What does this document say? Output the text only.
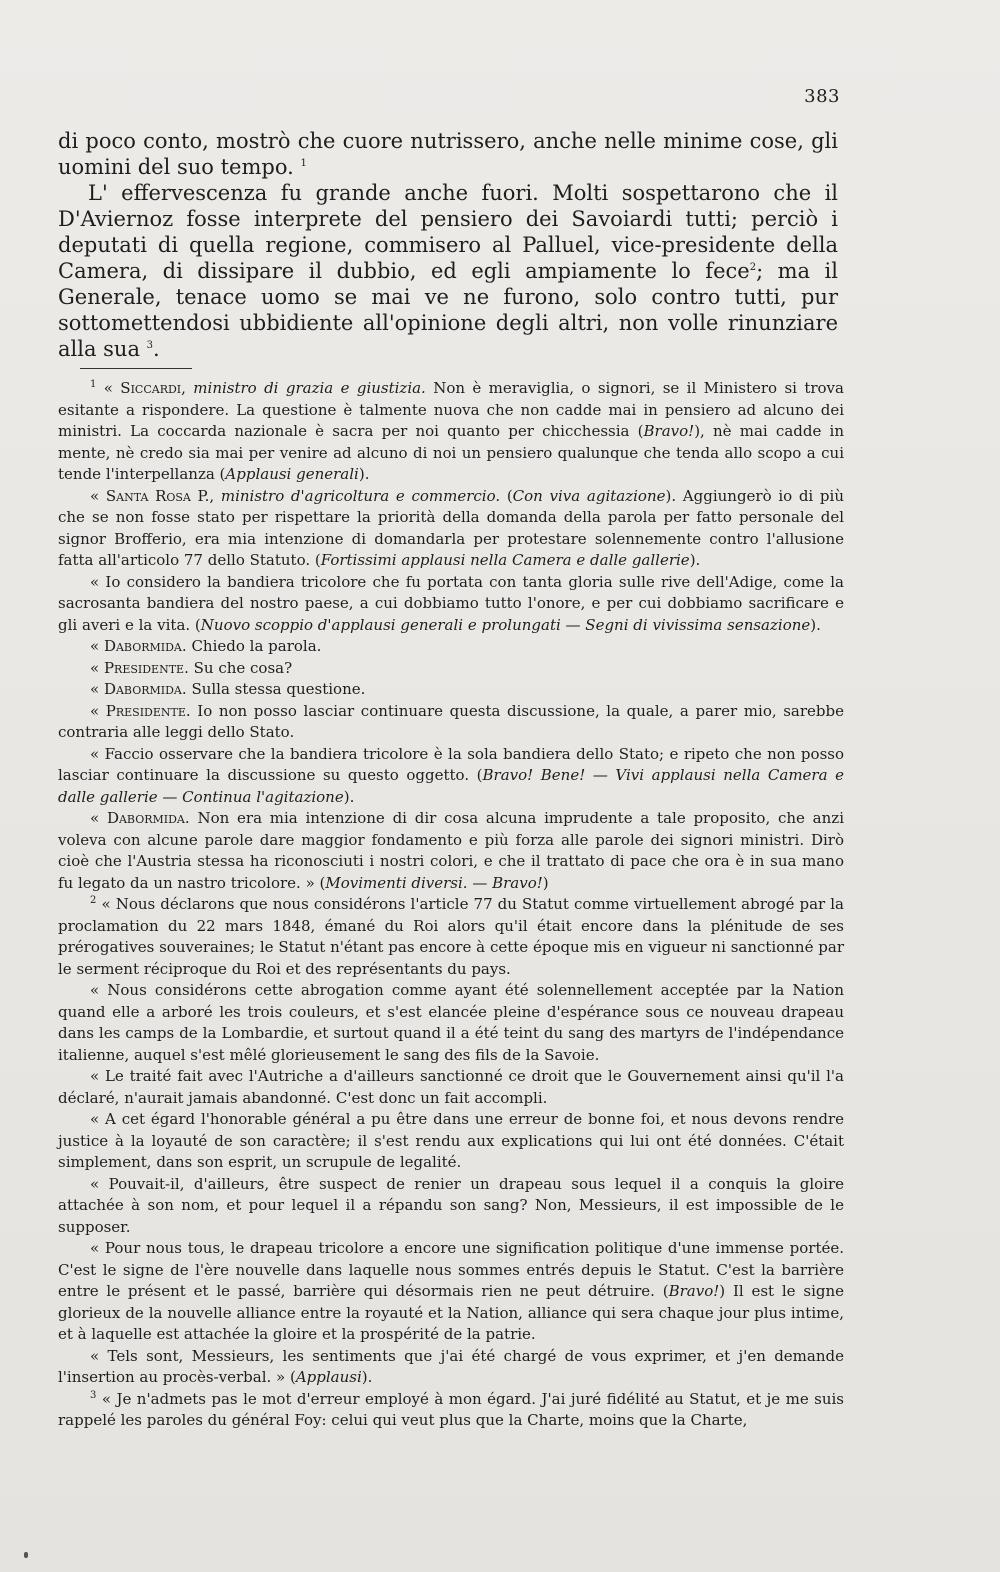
383

di poco conto, mostrò che cuore nutrissero, anche nelle minime cose, gli uomini del suo tempo. $^1$

L' effervescenza fu grande anche fuori. Molti sospettarono che il D'Aviernoz fosse interprete del pensiero dei Savoiardi tutti; perciò i deputati di quella regione, commisero al Palluel, vice-presidente della Camera, di dissipare il dubbio, ed egli ampiamente lo fece$^2$; ma il Generale, tenace uomo se mai ve ne furono, solo contro tutti, pur sottomettendosi ubbidiente all'opinione degli altri, non volle rinunziare alla sua $^3$.

$^1$ « Siccardi, ministro di grazia e giustizia. Non è meraviglia, o signori, se il Ministero si trova esitante a rispondere. La questione è talmente nuova che non cadde mai in pensiero ad alcuno dei ministri. La coccarda nazionale è sacra per noi quanto per chicchessia (Bravo!), nè mai cadde in mente, nè credo sia mai per venire ad alcuno di noi un pensiero qualunque che tenda allo scopo a cui tende l'interpellanza (Applausi generali).

« Santa Rosa P., ministro d'agricoltura e commercio. (Con viva agitazione). Aggiungerò io di più che se non fosse stato per rispettare la priorità della domanda della parola per fatto personale del signor Brofferio, era mia intenzione di domandarla per protestare solennemente contro l'allusione fatta all'articolo 77 dello Statuto. (Fortissimi applausi nella Camera e dalle gallerie).

« Io considero la bandiera tricolore che fu portata con tanta gloria sulle rive dell'Adige, come la sacrosanta bandiera del nostro paese, a cui dobbiamo tutto l'onore, e per cui dobbiamo sacrificare e gli averi e la vita. (Nuovo scoppio d'applausi generali e prolungati — Segni di vivissima sensazione).

« Dabormida. Chiedo la parola.

« Presidente. Su che cosa?

« Dabormida. Sulla stessa questione.

« Presidente. Io non posso lasciar continuare questa discussione, la quale, a parer mio, sarebbe contraria alle leggi dello Stato.

« Faccio osservare che la bandiera tricolore è la sola bandiera dello Stato; e ripeto che non posso lasciar continuare la discussione su questo oggetto. (Bravo! Bene! — Vivi applausi nella Camera e dalle gallerie — Continua l'agitazione).

« Dabormida. Non era mia intenzione di dir cosa alcuna imprudente a tale proposito, che anzi voleva con alcune parole dare maggior fondamento e più forza alle parole dei signori ministri. Dirò cioè che l'Austria stessa ha riconosciuti i nostri colori, e che il trattato di pace che ora è in sua mano fu legato da un nastro tricolore. » (Movimenti diversi. — Bravo!)

$^2$ « Nous déclarons que nous considérons l'article 77 du Statut comme virtuellement abrogé par la proclamation du 22 mars 1848, émané du Roi alors qu'il était encore dans la plénitude de ses prérogatives souveraines; le Statut n'étant pas encore à cette époque mis en vigueur ni sanctionné par le serment réciproque du Roi et des représentants du pays.

« Nous considérons cette abrogation comme ayant été solennellement acceptée par la Nation quand elle a arboré les trois couleurs, et s'est elancée pleine d'espérance sous ce nouveau drapeau dans les camps de la Lombardie, et surtout quand il a été teint du sang des martyrs de l'indépendance italienne, auquel s'est mêlé glorieusement le sang des fils de la Savoie.

« Le traité fait avec l'Autriche a d'ailleurs sanctionné ce droit que le Gouvernement ainsi qu'il l'a déclaré, n'aurait jamais abandonné. C'est donc un fait accompli.

« A cet égard l'honorable général a pu être dans une erreur de bonne foi, et nous devons rendre justice à la loyauté de son caractère; il s'est rendu aux explications qui lui ont été données. C'était simplement, dans son esprit, un scrupule de legalité.

« Pouvait-il, d'ailleurs, être suspect de renier un drapeau sous lequel il a conquis la gloire attachée à son nom, et pour lequel il a répandu son sang? Non, Messieurs, il est impossible de le supposer.

« Pour nous tous, le drapeau tricolore a encore une signification politique d'une immense portée. C'est le signe de l'ère nouvelle dans laquelle nous sommes entrés depuis le Statut. C'est la barrière entre le présent et le passé, barrière qui désormais rien ne peut détruire. (Bravo!) Il est le signe glorieux de la nouvelle alliance entre la royauté et la Nation, alliance qui sera chaque jour plus intime, et à laquelle est attachée la gloire et la prospérité de la patrie.

« Tels sont, Messieurs, les sentiments que j'ai été chargé de vous exprimer, et j'en demande l'insertion au procès-verbal. » (Applausi).

$^3$ « Je n'admets pas le mot d'erreur employé à mon égard. J'ai juré fidélité au Statut, et je me suis rappelé les paroles du général Foy: celui qui veut plus que la Charte, moins que la Charte,
